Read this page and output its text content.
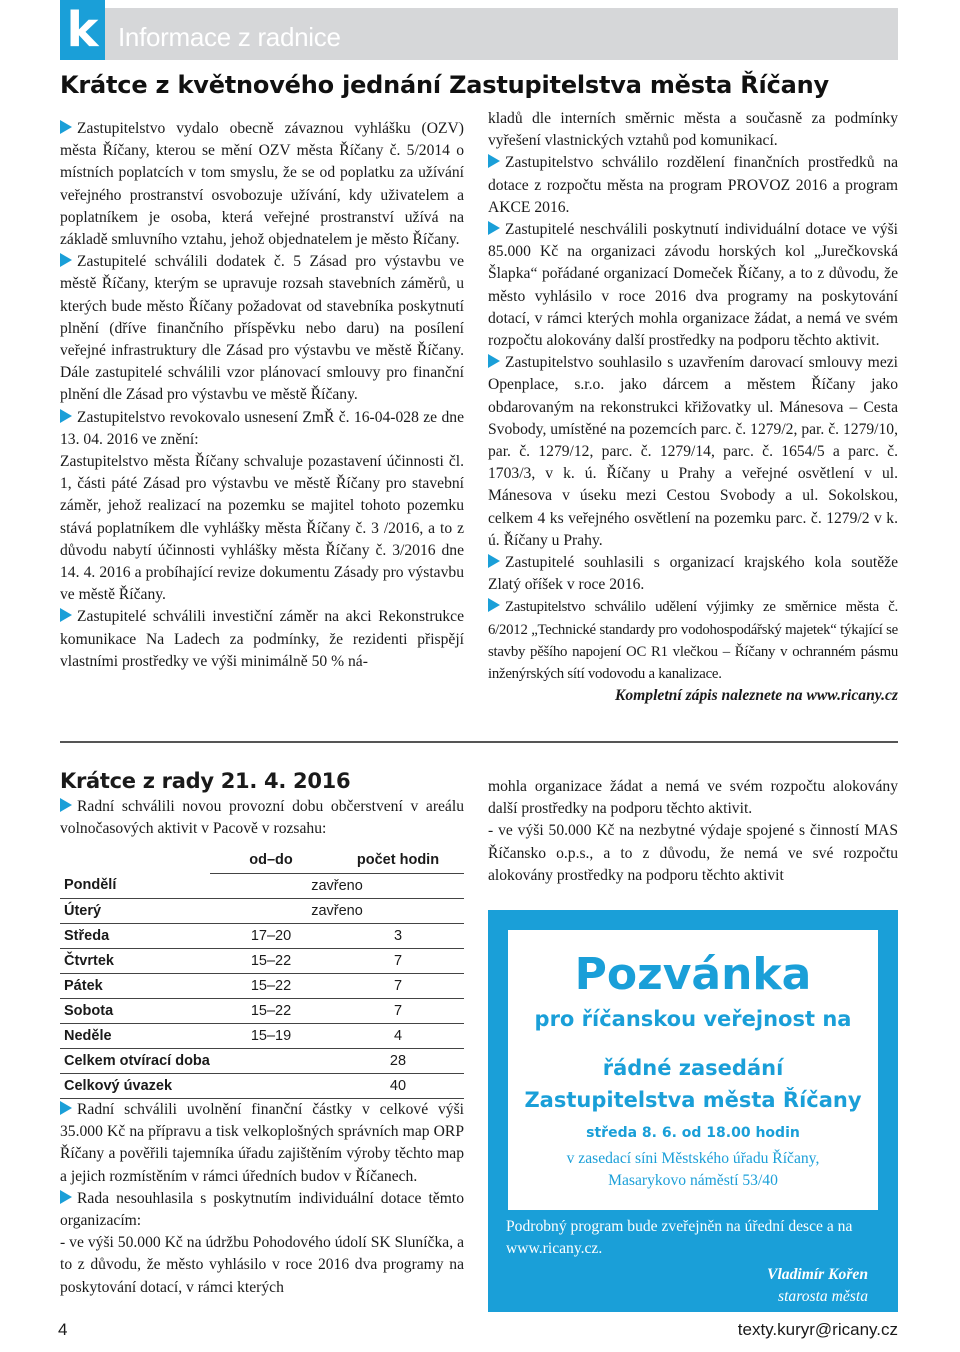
k Informace z radnice
Krátce z květnového jednání Zastupitelstva města Říčany

Zastupitelstvo vydalo obecně závaznou vyhlášku (OZV) města Říčany, kterou se mění OZV města Říčany č. 5/2014 o místních poplatcích v tom smyslu, že se od poplatku za užívání veřejného prostranství osvobozuje užívání, kdy uživatelem a poplatníkem je osoba, která veřejné prostranství užívá na základě smluvního vztahu, jehož objednatelem je město Říčany.

Zastupitelé schválili dodatek č. 5 Zásad pro výstavbu ve městě Říčany, kterým se upravuje rozsah stavebních záměrů, u kterých bude město Říčany požadovat od stavebníka poskytnutí plnění (dříve finančního příspěvku nebo daru) na posílení veřejné infrastruktury dle Zásad pro výstavbu ve městě Říčany. Dále zastupitelé schválili vzor plánovací smlouvy pro finanční plnění dle Zásad pro výstavbu ve městě Říčany.

Zastupitelstvo revokovalo usnesení ZmŘ č. 16-04-028 ze dne 13. 04. 2016 ve znění:

Zastupitelstvo města Říčany schvaluje pozastavení účinnosti čl. 1, části páté Zásad pro výstavbu ve městě Říčany pro stavební záměr, jehož realizací na pozemku se majitel tohoto pozemku stává poplatníkem dle vyhlášky města Říčany č. 3 /2016, a to z důvodu nabytí účinnosti vyhlášky města Říčany č. 3/2016 dne 14. 4. 2016 a probíhající revize dokumentu Zásady pro výstavbu ve městě Říčany.

Zastupitelé schválili investiční záměr na akci Rekonstrukce komunikace Na Ladech za podmínky, že rezidenti přispějí vlastními prostředky ve výši minimálně 50 % ná-

kladů dle interních směrnic města a současně za podmínky vyřešení vlastnických vztahů pod komunikací.

Zastupitelstvo schválilo rozdělení finančních prostředků na dotace z rozpočtu města na program PROVOZ 2016 a program AKCE 2016.

Zastupitelé neschválili poskytnutí individuální dotace ve výši 85.000 Kč na organizaci závodu horských kol „Jurečkovská Šlapka“ pořádané organizací Domeček Říčany, a to z důvodu, že město vyhlásilo v roce 2016 dva programy na poskytování dotací, v rámci kterých mohla organizace žádat, a nemá ve svém rozpočtu alokovány další prostředky na podporu těchto aktivit.

Zastupitelstvo souhlasilo s uzavřením darovací smlouvy mezi Openplace, s.r.o. jako dárcem a městem Říčany jako obdarovaným na rekonstrukci křižovatky ul. Mánesova – Cesta Svobody, umístěné na pozemcích parc. č. 1279/2, par. č. 1279/10, par. č. 1279/12, parc. č. 1279/14, parc. č. 1654/5 a parc. č. 1703/3, v k. ú. Říčany u Prahy a veřejné osvětlení v ul. Mánesova v úseku mezi Cestou Svobody a ul. Sokolskou, celkem 4 ks veřejného osvětlení na pozemku parc. č. 1279/2 v k. ú. Říčany u Prahy.

Zastupitelé souhlasili s organizací krajského kola soutěže Zlatý oříšek v roce 2016.

Zastupitelstvo schválilo udělení výjimky ze směrnice města č. 6/2012 „Technické standardy pro vodohospodářský majetek“ týkající se stavby pěšího napojení OC R1 vlečkou – Říčany v ochranném pásmu inženýrských sítí vodovodu a kanalizace.

Kompletní zápis naleznete na www.ricany.cz

Krátce z rady 21. 4. 2016

Radní schválili novou provozní dobu občerstvení v areálu volnočasových aktivit v Pacově v rozsahu:

	od–do	počet hodin
Pondělí	zavřeno	
Úterý	zavřeno	
Středa	17–20	3
Čtvrtek	15–22	7
Pátek	15–22	7
Sobota	15–22	7
Neděle	15–19	4
Celkem otvírací doba		28
Celkový úvazek		40

Radní schválili uvolnění finanční částky v celkové výši 35.000 Kč na přípravu a tisk velkoplošných správních map ORP Říčany a pověřili tajemníka úřadu zajištěním výroby těchto map a jejich rozmístěním v rámci úředních budov v Říčanech.

Rada nesouhlasila s poskytnutím individuální dotace těmto organizacím:

- ve výši 50.000 Kč na údržbu Pohodového údolí SK Sluníčka, a to z důvodu, že město vyhlásilo v roce 2016 dva programy na poskytování dotací, v rámci kterých

mohla organizace žádat a nemá ve svém rozpočtu alokovány další prostředky na podporu těchto aktivit.

- ve výši 50.000 Kč na nezbytné výdaje spojené s činností MAS Říčansko o.p.s., a to z důvodu, že nemá ve své rozpočtu alokovány prostředky na podporu těchto aktivit

Pozvánka
pro říčanskou veřejnost na
řádné zasedání
Zastupitelstva města Říčany
středa 8. 6. od 18.00 hodin
v zasedací síni Městského úřadu Říčany,
Masarykovo náměstí 53/40
Podrobný program bude zveřejněn na úřední desce a na www.ricany.cz.
Vladimír Kořen
starosta města
4	texty.kuryr@ricany.cz
